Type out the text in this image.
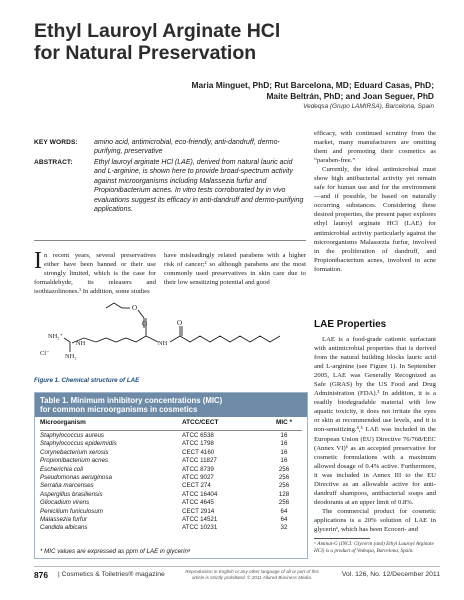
Ethyl Lauroyl Arginate HCl
for Natural Preservation
Maria Minguet, PhD; Rut Barcelona, MD; Eduard Casas, PhD;
Maite Beltrán, PhD; and Joan Seguer, PhD
Vedeqsa (Grupo LAMIRSA), Barcelona, Spain
KEY WORDS: amino acid, antimicrobial, eco-friendly, anti-dandruff, dermo-purifying, preservative
ABSTRACT:	Ethyl lauroyl arginate HCl (LAE), derived from natural lauric acid and L-arginine, is shown here to provide broad-spectrum activity against microorganisms including Malassezia furfur and Propionibacterium acnes. In vitro tests corroborated by in vivo evaluations suggest its efficacy in anti-dandruff and dermo-purifying applications.

In recent years, several preservatives either have been banned or their use strongly limited, which is the case for formaldehyde, its releasers and isothiazolinones.¹ In addition, some studies

have misleadingly related parabens with a higher risk of cancer;² so although parabens are the most commonly used preservatives in skin care due to their low sensitizing potential and good

efficacy, with continued scrutiny from the market, many manufacturers are omitting them and promoting their cosmetics as “paraben-free.”

Currently, the ideal antimicrobial must show high antibacterial activity yet remain safe for human use and for the environment—and if possible, be based on naturally occurring substances. Considering these desired properties, the present paper explores ethyl lauroyl arginate HCl (LAE) for antimicrobial activity particularly against the microorganisms Malassezia furfur, involved in the proliferation of dandruff, and Propionibacterium acnes, involved in acne formation.

LAE Properties

LAE is a food-grade cationic surfactant with antimicrobial properties that is derived from the natural building blocks lauric acid and L-arginine (see Figure 1). In September 2005, LAE was Generally Recognized as Safe (GRAS) by the US Food and Drug Administration (FDA).³ In addition, it is a readily biodegradable material with low aquatic toxicity, it does not irritate the eyes or skin at recommended use levels, and it is non-sensitizing.⁴,⁵ LAE was included in the European Union (EU) Directive 76/768/EEC (Annex VI)⁶ as an accepted preservative for cosmetic formulations with a maximum allowed dosage of 0.4% active. Furthermore, it was included in Annex III to the EU Directive as an allowable active for anti-dandruff shampoos, antibacterial soaps and deodorants at an upper limit of 0.8%.

The commercial product for cosmetic applications is a 20% solution of LAE in glycerinᵃ, which has been Ecocert- and

O
O	O
NH₂⁺
Cl⁻ NH₂
NH	NH
Figure 1. Chemical structure of LAE
Table 1. Minimum inhibitory concentrations (MIC)
for common microorganisms in cosmetics
Microorganism	ATCC/CECT	MIC *
Staphylococcus aureus	ATCC 6538	16
Staphylococcus epidermidis	ATCC 1798	16
Corynebacterium xerosis	CECT 4160	16
Propionibacterium acnes	ATCC 11827	16
Escherichia coli	ATCC 8739	256
Pseudomonas aeruginosa	ATCC 9027	256
Serratia marcenses	CECT 274	256
Aspergillus brasiliensis	ATCC 16404	128
Gliocadium virens	ATCC 4645	256
Penicilium funiculosum	CECT 2914	64
Malassezia furfur	ATCC 14521	64
Candida albicans	ATCC 10231	32
* MIC values are expressed as ppm of LAE in glycerinᵃ
ᵃ Aminat-G (INCI: Glycerin (and) Ethyl Lauroyl Arginate HCl) is a product of Vedeqsa, Barcelona, Spain.
876 | Cosmetics & Toiletries® magazine	Reproduction in English or any other language of all or part of this article is strictly prohibited. © 2011 Allured Business Media.	Vol. 126, No. 12/December 2011
